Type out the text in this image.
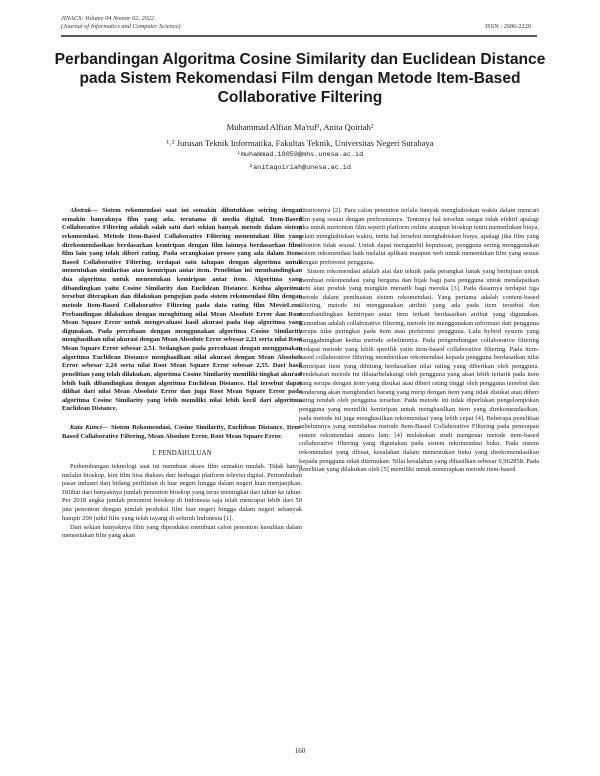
JINACS: Volume 04 Nomor 02, 2022
(Journal of Informatics and Computer Science)	ISSN : 2686-2220
Perbandingan Algoritma Cosine Similarity dan Euclidean Distance pada Sistem Rekomendasi Film dengan Metode Item-Based Collaborative Filtering
Muhammad Alfian Ma'ruf¹, Anita Qoiriah²
¹˒² Jurusan Teknik Informatika, Fakultas Teknik, Universitas Negeri Surabaya
¹muhammad.18059@mhs.unesa.ac.id
²anitaqoiriah@unesa.ac.id

Abstrak— Sistem rekomendasi saat ini semakin dibutuhkan seiring dengan semakin banyaknya film yang ada, terutama di media digital. Item-Based Collaborative Filtering adalah salah satu dari sekian banyak metode dalam sistem rekomendasi. Metode Item-Based Collaborative Filtering menentukan film yang direkomendasikan berdasarkan kemiripan dengan film lainnya berdasarkan film-film lain yang telah diberi rating. Pada serangkaian proses yang ada dalam Item-Based Collaborative Filtering, terdapat satu tahapan dengan algoritma untuk menentukan similaritas atau kemiripan antar item. Penelitian ini membandingkan dua algoritma untuk menentukan kemiripan antar item. Algoritma yang dibandingkan yaitu Cosine Similarity dan Euclidean Distance. Kedua algoritma tersebut diterapkan dan dilakukan pengujian pada sistem rekomendasi film dengan metode Item-Based Collaborative Filtering pada data rating film MovieLens. Perbandingan dilakukan dengan menghitung nilai Mean Absolute Error dan Root Mean Square Error untuk mengevaluasi hasil akurasi pada tiap algoritma yang digunakan. Pada percobaan dengan menggunakan algoritma Cosine Similarity menghasilkan nilai akurasi dengan Mean Absolute Error sebesar 2,21 serta nilai Root Mean Square Error sebesar 2,51. Sedangkan pada percobaan dengan menggunakan algoritma Euclidean Distance menghasilkan nilai akurasi dengan Mean Absolute Error sebesar 2,24 serta nilai Root Mean Square Error sebesar 2,55. Dari hasil penelitian yang telah dilakukan, algoritma Cosine Similarity memiliki tingkat akurasi lebih baik dibandingkan dengan algoritma Euclidean Distance. Hal tersebut dapat dilihat dari nilai Mean Absolute Error dan juga Root Mean Square Error pada algoritma Cosine Similarity yang lebih memiliki nilai lebih kecil dari algoritma Euclidean Distance.

Kata Kunci— Sistem Rekomendasi, Cosine Similarity, Euclidean Distance, Item-Based Collaborative Filtering, Mean Absolute Error, Root Mean Square Error.

I. PENDAHULUAN

Perkembangan teknologi saat ini membuat akses film semakin mudah. Tidak hanya melalui bioskop, kini film bisa diakses dari berbagai platform televisi digital. Pertumbuhan pasar industri dari bidang perfilman di luar negeri hingga dalam negeri kian menjanjikan. Dilihat dari banyaknya jumlah penonton bioskop yang terus meningkat dari tahun ke tahun. Per 2018 angka jumlah penonton bioskop di Indonesia saja telah mencapai lebih dari 50 juta penonton dengan jumlah produksi film luar negeri hingga dalam negeri sebanyak hampir 200 judul film yang telah tayang di seluruh Indonesia [1].

Dari sekian banyaknya film yang diproduksi membuat calon penonton kesulitan dalam menentukan film yang akan

ditontonnya [2]. Para calon penonton terlalu banyak menghabiskan waktu dalam mencari film yang sesuai dengan preferensinya. Tentunya hal tersebut sangat tidak efektif apalagi jika untuk menonton film seperti platform online ataupun bioskop tentu memerlukan biaya, selain menghabiskan waktu, tentu hal tersebut menghabiskan biaya, apalagi jika film yang ditonton tidak sesuai. Untuk dapat mengambil keputusan, pengguna sering menggunakan sistem rekomendasi baik melalui aplikasi maupun web untuk menentukan film yang sesuai dengan preferensi pengguna.

Sistem rekomendasi adalah alat dan teknik pada perangkat lunak yang bertujuan untuk membuat rekomendasi yang berguna dan bijak bagi para pengguna untuk mendapatkan item atau produk yang mungkin menarik bagi mereka [3]. Pada dasarnya terdapat tiga metode dalam pembuatan sistem rekomendasi. Yang pertama adalah content-based filtering, metode ini menggunakan atribut yang ada pada item tersebut dan membandingkan kemiripan antar item terkait berdasarkan atribut yang digunakan. Kemudian adalah collaborative filtering, metode ini menggunakan informasi dari pengguna berupa nilai peringkat pada item atau preferensi pengguna. Lalu hybrid system yang menggabungkan kedua metode sebelumnya. Pada pengembangan collaborative filtering terdapat metode yang lebih spesifik yaitu item-based collaborative filtering. Pada item-based collaborative filtering memberikan rekomendasi kepada pengguna berdasarkan nilai kemiripan item yang dihitung berdasarkan nilai rating yang diberikan oleh pengguna. Pendekatan metode ini dilatarbelakangi oleh pengguna yang akan lebih tertarik pada item yang serupa dengan item yang disukai atau diberi rating tinggi oleh pengguna tersebut dan cenderung akan menghindari barang yang mirip dengan item yang tidak disukai atau diberi rating rendah oleh pengguna tersebut. Pada metode ini tidak diperlukan pengelompokan pengguna yang memiliki kemiripan untuk menghasilkan item yang direkomendasikan, pada metode ini juga menghasilkan rekomendasi yang lebih cepat [4]. Beberapa penelitian sebelumnya yang membahas metode Item-Based Collaborative Filtering pada penerapan sistem rekomendasi antara lain: [4] melakukan studi mengenai metode item-based collaborative filtering yang digunakan pada sistem rekomendasi buku. Pada sistem rekomendasi yang dibuat, kesalahan dalam menentukan buku yang direkomendasikan kepada pengguna tidak ditemukan. Nilai kesalahan yang dihasilkan sebesar 0,962858. Pada penelitian yang dilakukan oleh [5] memiliki untuk menerapkan metode item-based

160
